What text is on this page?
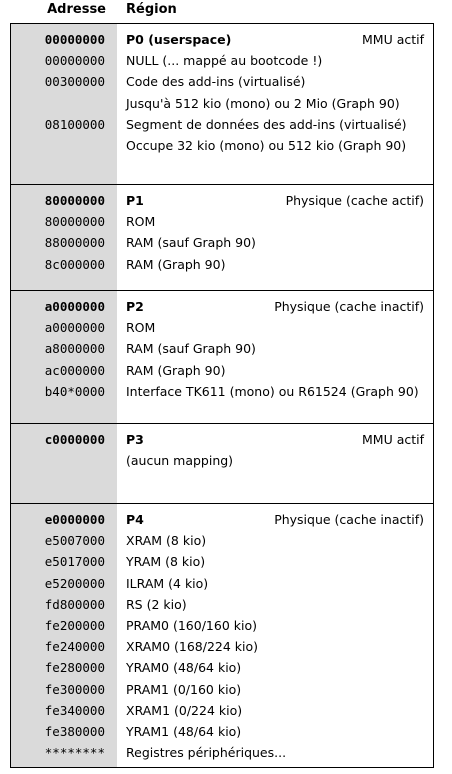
Adresse Région
00000000 P0 (userspace)	MMU actif
00000000 NULL (... mappé au bootcode !)
00300000 Code des add-ins (virtualisé)
Jusqu'à 512 kio (mono) ou 2 Mio (Graph 90)
08100000 Segment de données des add-ins (virtualisé)
Occupe 32 kio (mono) ou 512 kio (Graph 90)
80000000 P1	Physique (cache actif)
80000000 ROM
88000000 RAM (sauf Graph 90)
8c000000 RAM (Graph 90)
a0000000 P2	Physique (cache inactif)
a0000000 ROM
a8000000 RAM (sauf Graph 90)
ac000000 RAM (Graph 90)
b40*0000 Interface TK611 (mono) ou R61524 (Graph 90)
c0000000 P3	MMU actif
(aucun mapping)
e0000000 P4	Physique (cache inactif)
e5007000 XRAM (8 kio)
e5017000 YRAM (8 kio)
e5200000 ILRAM (4 kio)
fd800000 RS (2 kio)
fe200000 PRAM0 (160/160 kio)
fe240000 XRAM0 (168/224 kio)
fe280000 YRAM0 (48/64 kio)
fe300000 PRAM1 (0/160 kio)
fe340000 XRAM1 (0/224 kio)
fe380000 YRAM1 (48/64 kio)
******** Registres périphériques...
